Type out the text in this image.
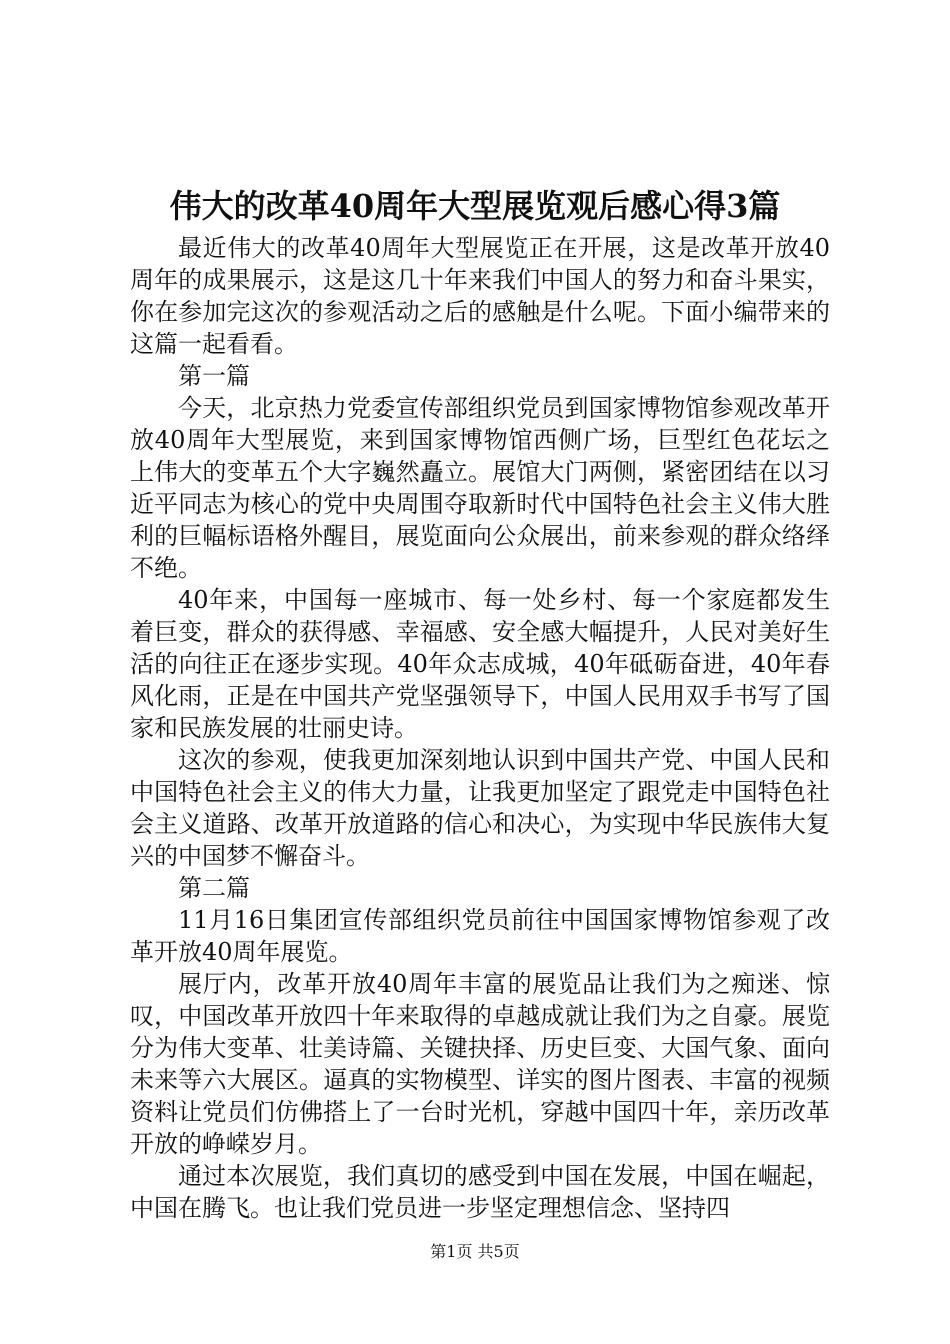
伟大的改革40周年大型展览观后感心得3篇

最近伟大的改革40周年大型展览正在开展，这是改革开放40周年的成果展示，这是这几十年来我们中国人的努力和奋斗果实，你在参加完这次的参观活动之后的感触是什么呢。下面小编带来的这篇一起看看。

第一篇

今天，北京热力党委宣传部组织党员到国家博物馆参观改革开放40周年大型展览，来到国家博物馆西侧广场，巨型红色花坛之上伟大的变革五个大字巍然矗立。展馆大门两侧，紧密团结在以习近平同志为核心的党中央周围夺取新时代中国特色社会主义伟大胜利的巨幅标语格外醒目，展览面向公众展出，前来参观的群众络绎不绝。

40年来，中国每一座城市、每一处乡村、每一个家庭都发生着巨变，群众的获得感、幸福感、安全感大幅提升，人民对美好生活的向往正在逐步实现。40年众志成城，40年砥砺奋进，40年春风化雨，正是在中国共产党坚强领导下，中国人民用双手书写了国家和民族发展的壮丽史诗。

这次的参观，使我更加深刻地认识到中国共产党、中国人民和中国特色社会主义的伟大力量，让我更加坚定了跟党走中国特色社会主义道路、改革开放道路的信心和决心，为实现中华民族伟大复兴的中国梦不懈奋斗。

第二篇

11月16日集团宣传部组织党员前往中国国家博物馆参观了改革开放40周年展览。

展厅内，改革开放40周年丰富的展览品让我们为之痴迷、惊叹，中国改革开放四十年来取得的卓越成就让我们为之自豪。展览分为伟大变革、壮美诗篇、关键抉择、历史巨变、大国气象、面向未来等六大展区。逼真的实物模型、详实的图片图表、丰富的视频资料让党员们仿佛搭上了一台时光机，穿越中国四十年，亲历改革开放的峥嵘岁月。

通过本次展览，我们真切的感受到中国在发展，中国在崛起，中国在腾飞。也让我们党员进一步坚定理想信念、坚持四

第1页 共5页
